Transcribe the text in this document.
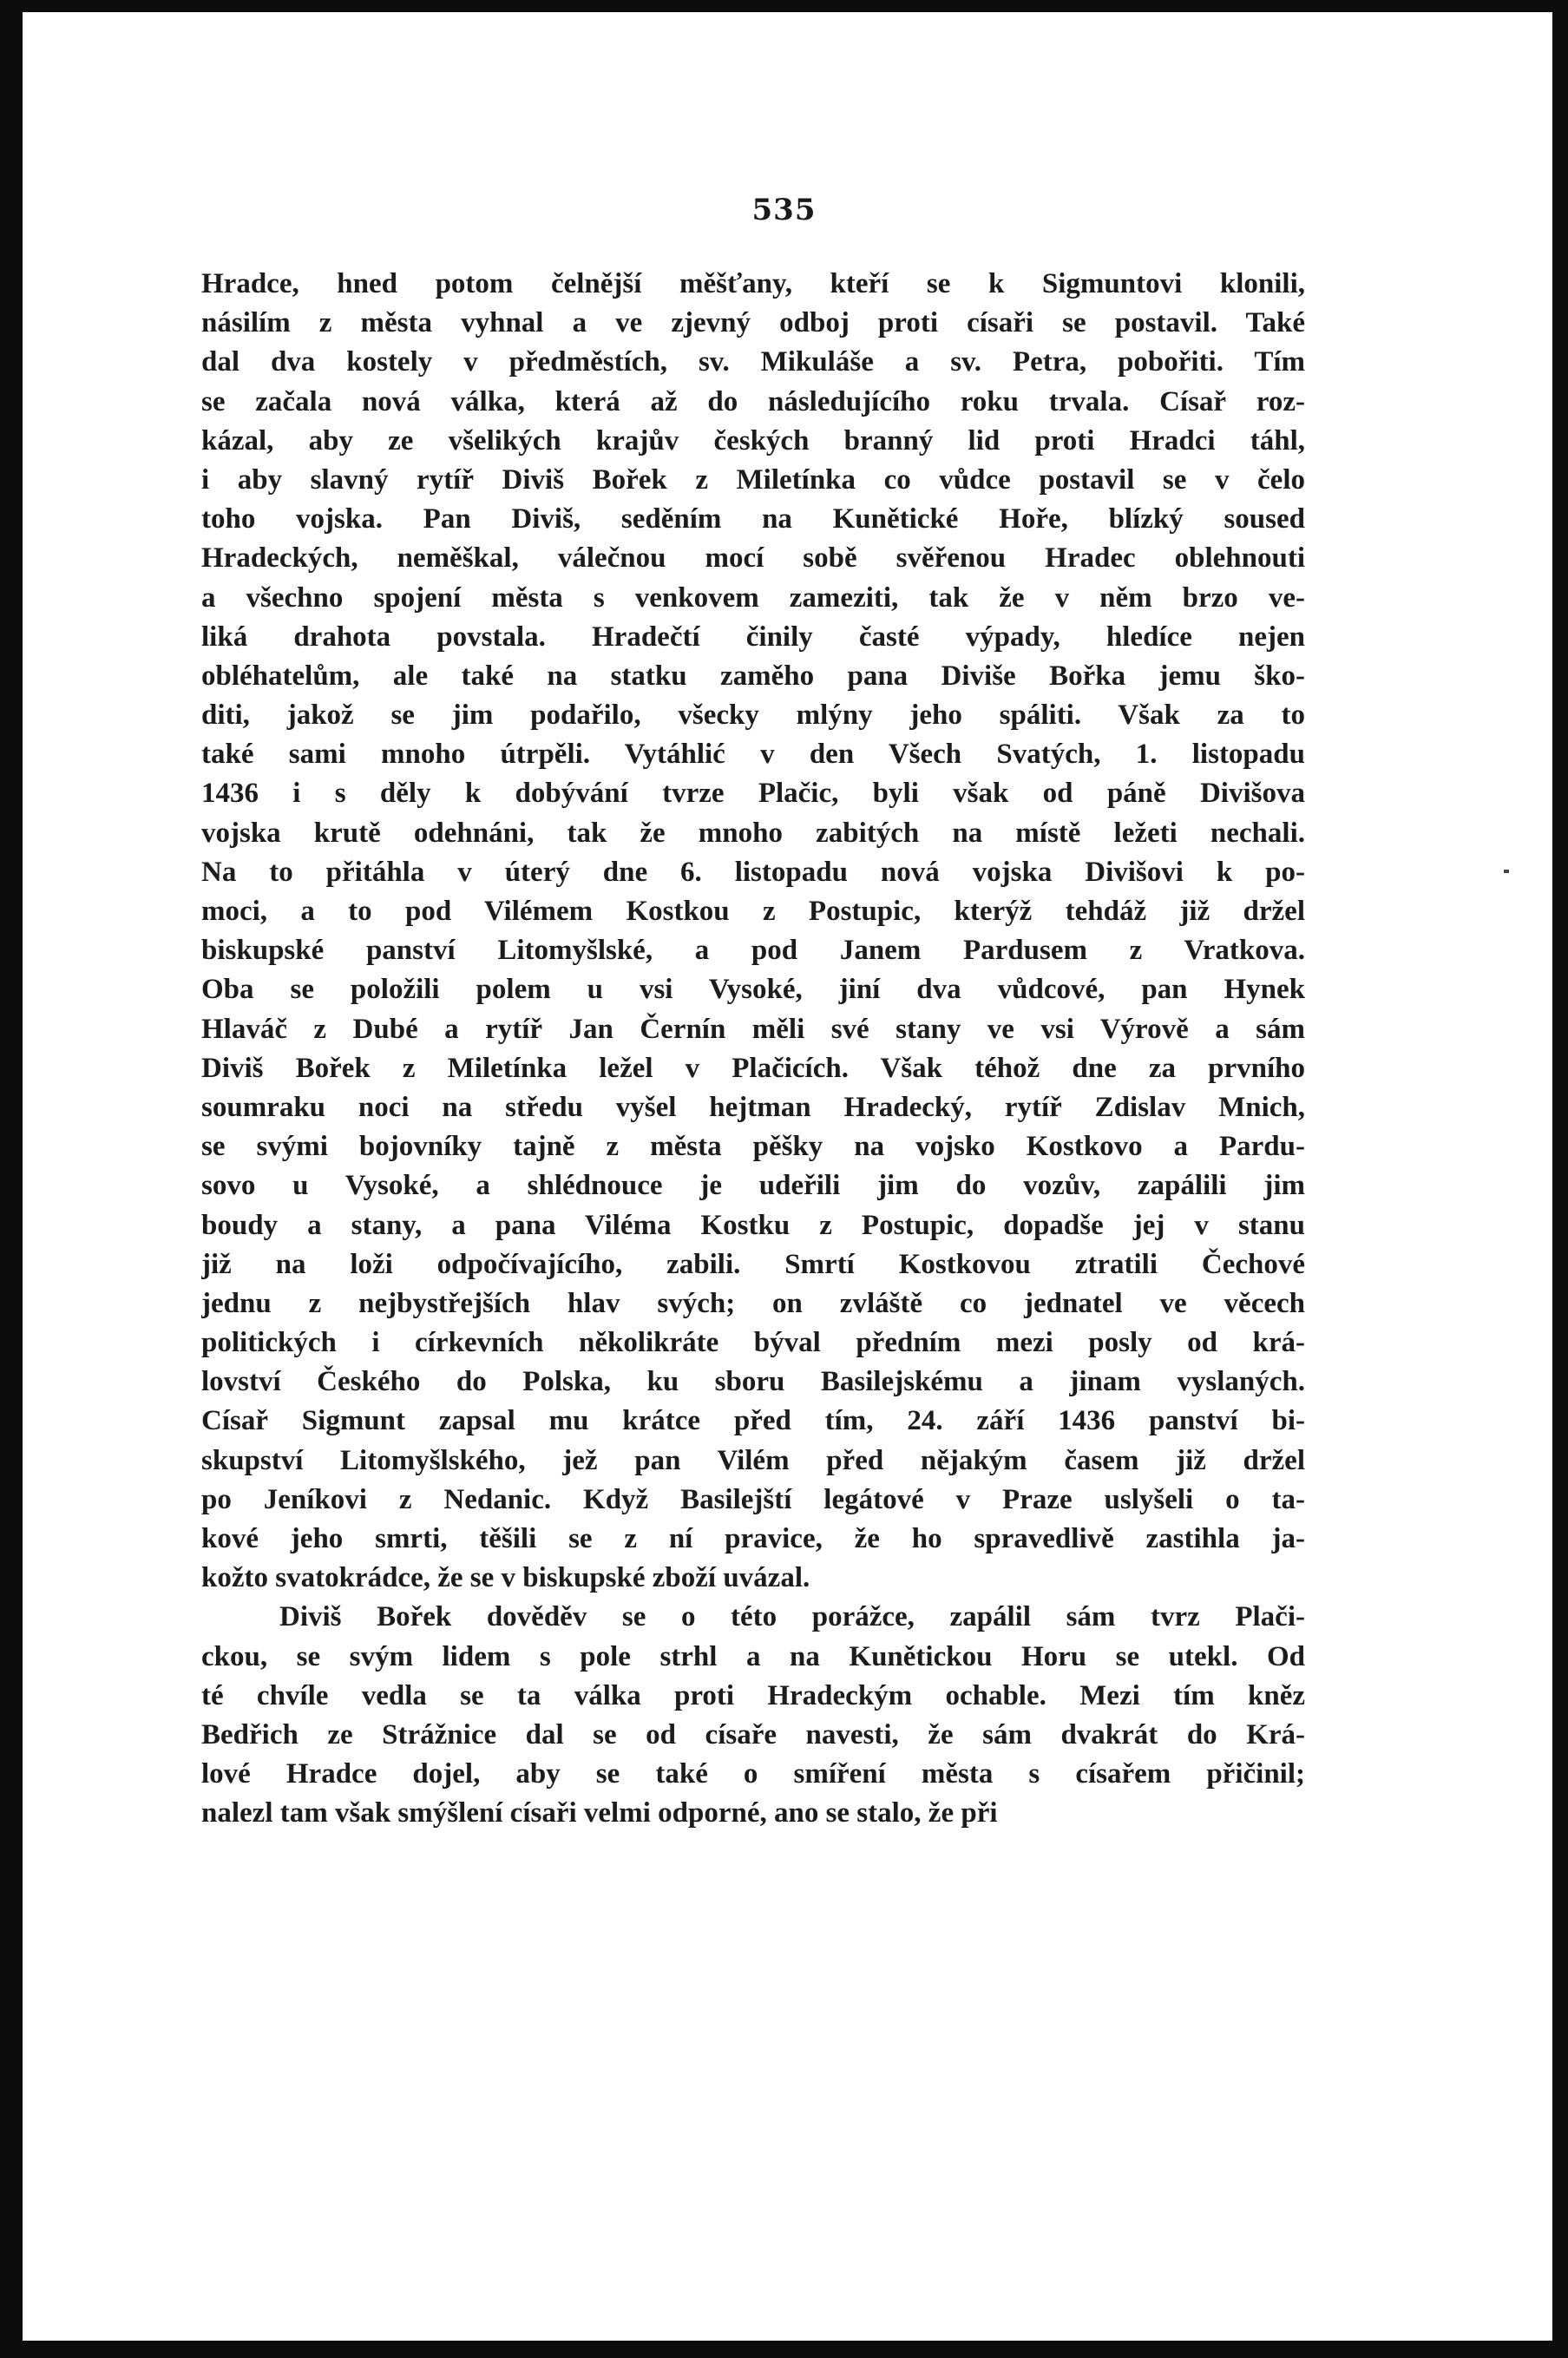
535
Hradce, hned potom čelnější měšťany, kteří se k Sigmuntovi klonili,
násilím z města vyhnal a ve zjevný odboj proti císaři se postavil. Také
dal dva kostely v předměstích, sv. Mikuláše a sv. Petra, pobořiti. Tím
se začala nová válka, která až do následujícího roku trvala. Císař roz-
kázal, aby ze všelikých krajův českých branný lid proti Hradci táhl,
i aby slavný rytíř Diviš Bořek z Miletínka co vůdce postavil se v čelo
toho vojska. Pan Diviš, seděním na Kunětické Hoře, blízký soused
Hradeckých, neměškal, válečnou mocí sobě svěřenou Hradec oblehnouti
a všechno spojení města s venkovem zameziti, tak že v něm brzo ve-
liká drahota povstala. Hradečtí činily časté výpady, hledíce nejen
obléhatelům, ale také na statku zaměho pana Diviše Bořka jemu ško-
diti, jakož se jim podařilo, všecky mlýny jeho spáliti. Však za to
také sami mnoho útrpěli. Vytáhlić v den Všech Svatých, 1. listopadu
1436 i s děly k dobývání tvrze Plačic, byli však od páně Divišova
vojska krutě odehnáni, tak že mnoho zabitých na místě ležeti nechali.
Na to přitáhla v úterý dne 6. listopadu nová vojska Divišovi k po-
moci, a to pod Vilémem Kostkou z Postupic, kterýž tehdáž již držel
biskupské panství Litomyšlské, a pod Janem Pardusem z Vratkova.
Oba se položili polem u vsi Vysoké, jiní dva vůdcové, pan Hynek
Hlaváč z Dubé a rytíř Jan Černín měli své stany ve vsi Výrově a sám
Diviš Bořek z Miletínka ležel v Plačicích. Však téhož dne za prvního
soumraku noci na středu vyšel hejtman Hradecký, rytíř Zdislav Mnich,
se svými bojovníky tajně z města pěšky na vojsko Kostkovo a Pardu-
sovo u Vysoké, a shlédnouce je udeřili jim do vozův, zapálili jim
boudy a stany, a pana Viléma Kostku z Postupic, dopadše jej v stanu
již na loži odpočívajícího, zabili. Smrtí Kostkovou ztratili Čechové
jednu z nejbystřejších hlav svých; on zvláště co jednatel ve věcech
politických i církevních několikráte býval předním mezi posly od krá-
lovství Českého do Polska, ku sboru Basilejskému a jinam vyslaných.
Císař Sigmunt zapsal mu krátce před tím, 24. září 1436 panství bi-
skupství Litomyšlského, jež pan Vilém před nějakým časem již držel
po Jeníkovi z Nedanic. Když Basilejští legátové v Praze uslyšeli o ta-
kové jeho smrti, těšili se z ní pravice, že ho spravedlivě zastihla ja-
kožto svatokrádce, že se v biskupské zboží uvázal.
Diviš Bořek dověděv se o této porážce, zapálil sám tvrz Plači-
ckou, se svým lidem s pole strhl a na Kunětickou Horu se utekl. Od
té chvíle vedla se ta válka proti Hradeckým ochable. Mezi tím kněz
Bedřich ze Strážnice dal se od císaře navesti, že sám dvakrát do Krá-
lové Hradce dojel, aby se také o smíření města s císařem přičinil;
nalezl tam však smýšlení císaři velmi odporné, ano se stalo, že při
